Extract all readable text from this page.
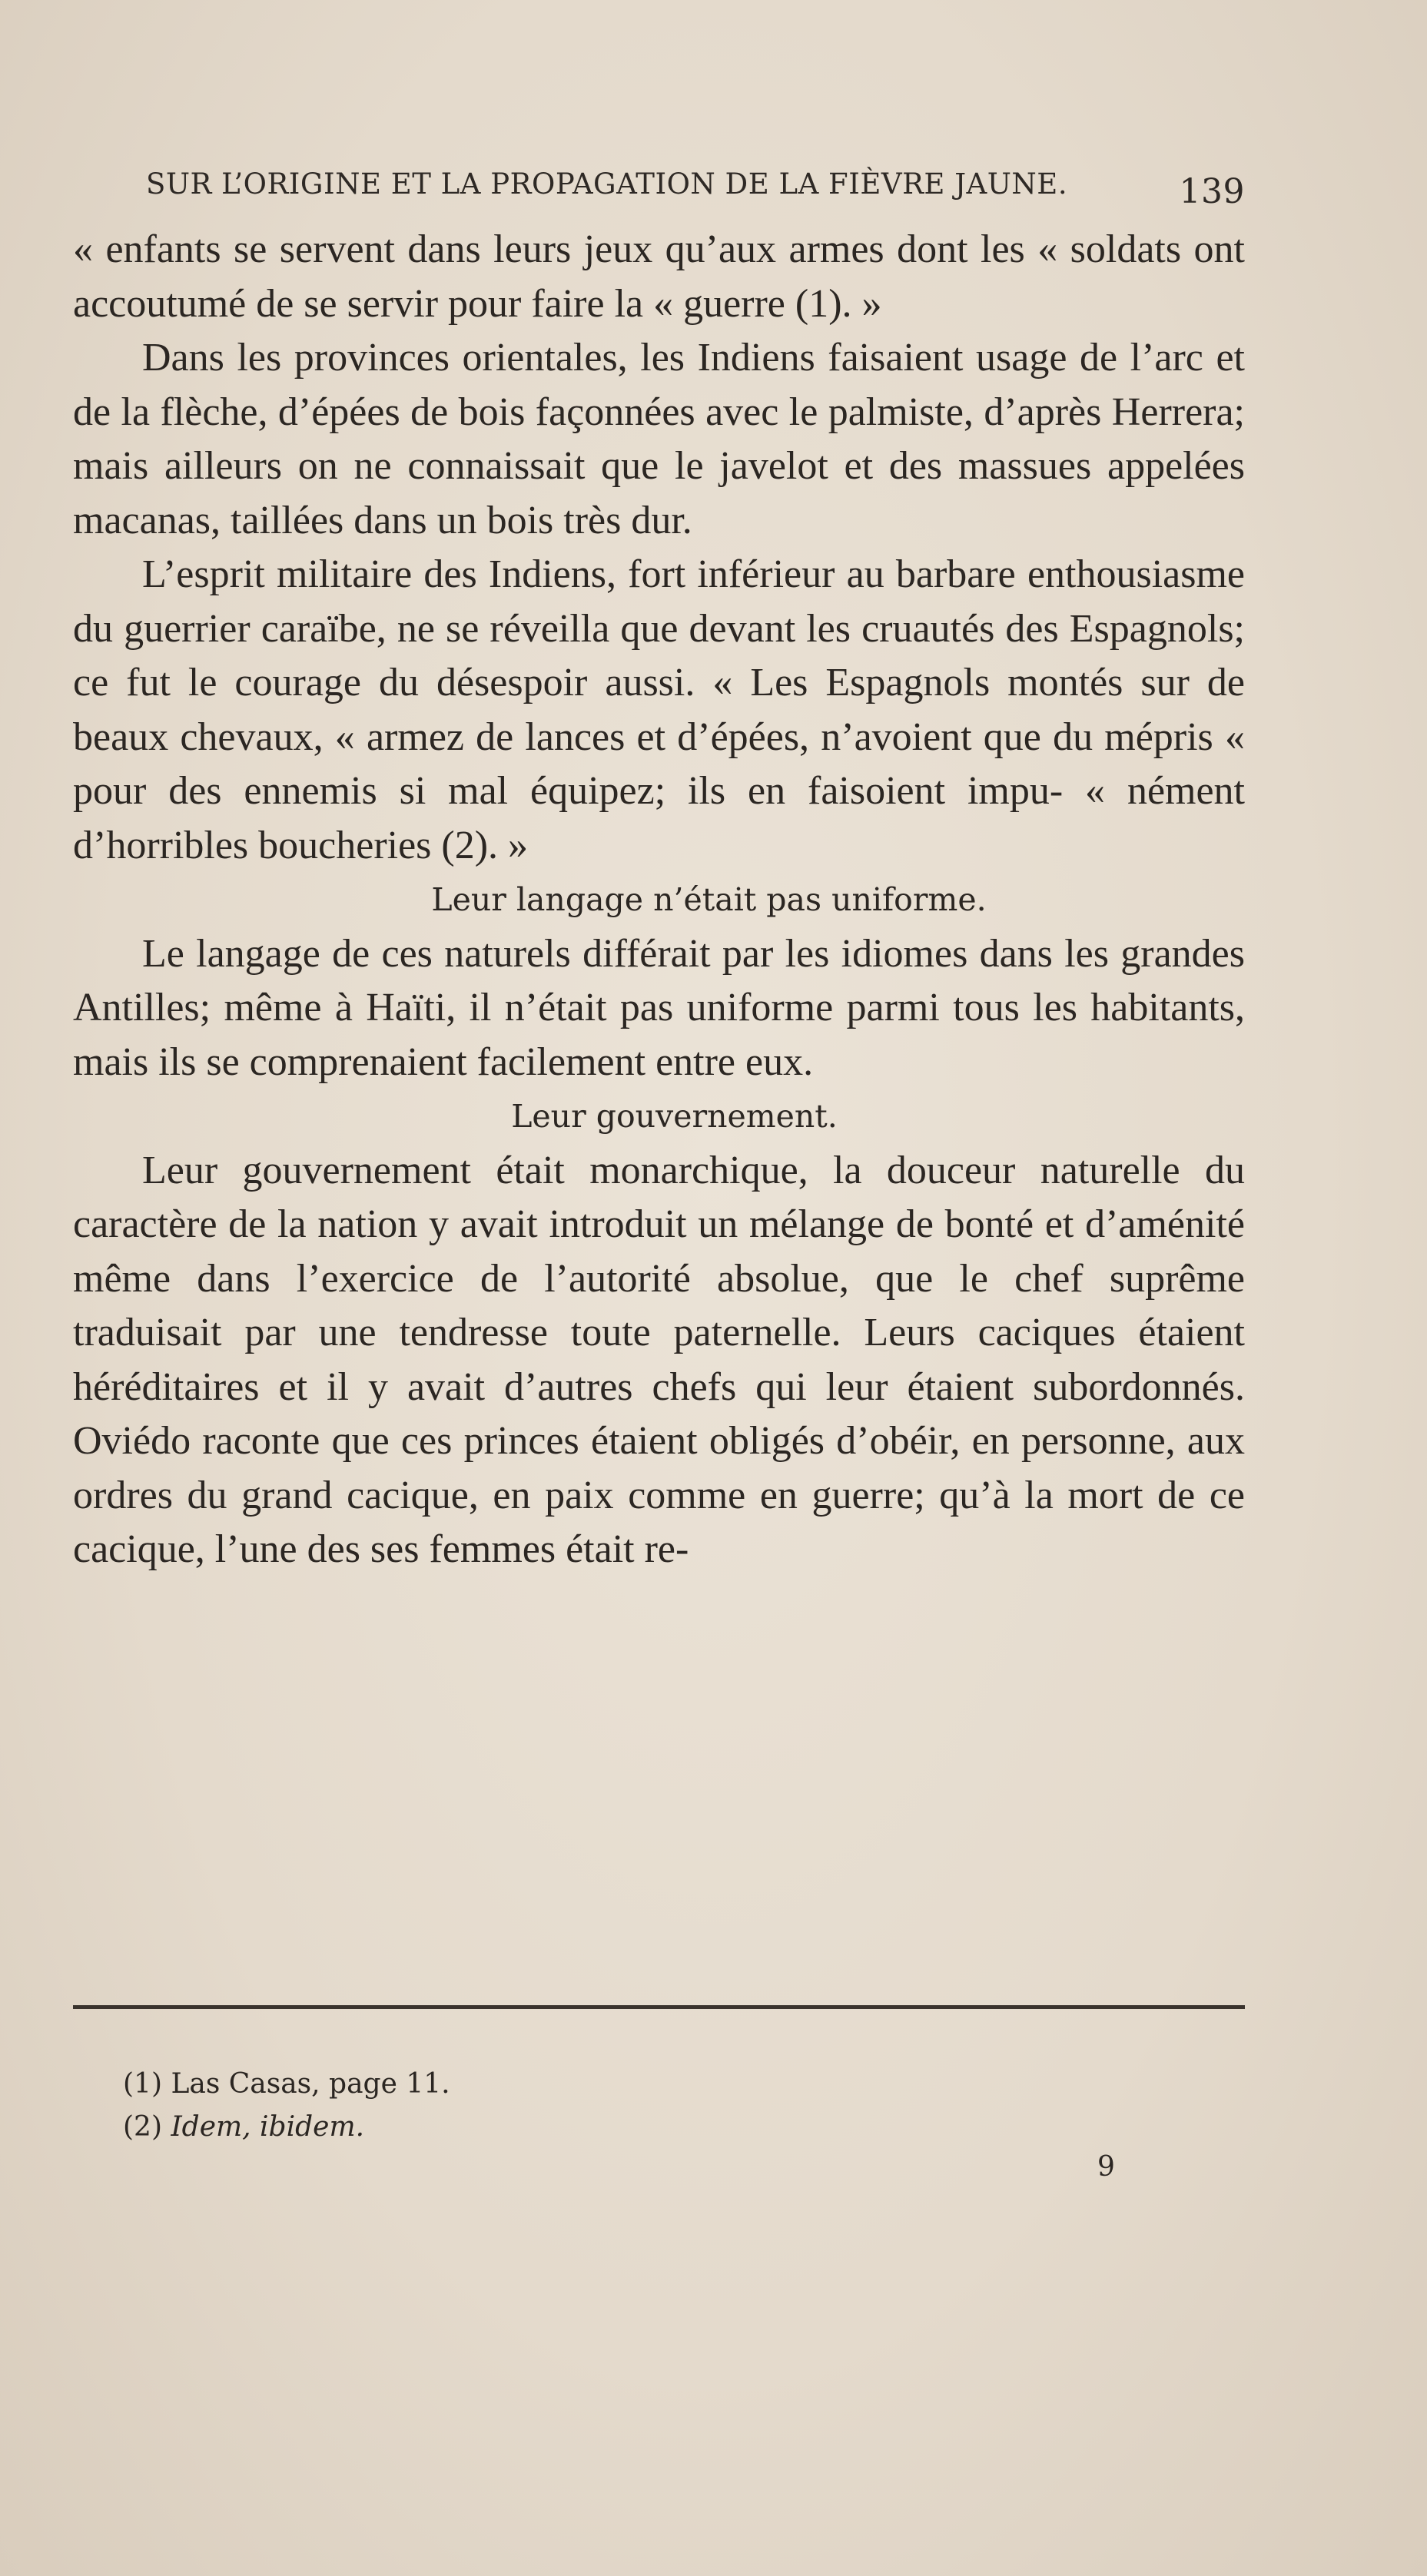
SUR L’ORIGINE ET LA PROPAGATION DE LA FIÈVRE JAUNE.	139

« enfants se servent dans leurs jeux qu’aux armes dont les « soldats ont accoutumé de se servir pour faire la « guerre (1). »

Dans les provinces orientales, les Indiens faisaient usage de l’arc et de la flèche, d’épées de bois façonnées avec le palmiste, d’après Herrera; mais ailleurs on ne connaissait que le javelot et des massues appelées macanas, taillées dans un bois très dur.

L’esprit militaire des Indiens, fort inférieur au barbare enthousiasme du guerrier caraïbe, ne se réveilla que devant les cruautés des Espagnols; ce fut le courage du désespoir aussi. « Les Espagnols montés sur de beaux chevaux, « armez de lances et d’épées, n’avoient que du mépris « pour des ennemis si mal équipez; ils en faisoient impu- « nément d’horribles boucheries (2). »

Leur langage n’était pas uniforme.

Le langage de ces naturels différait par les idiomes dans les grandes Antilles; même à Haïti, il n’était pas uniforme parmi tous les habitants, mais ils se comprenaient facilement entre eux.

Leur gouvernement.

Leur gouvernement était monarchique, la douceur naturelle du caractère de la nation y avait introduit un mélange de bonté et d’aménité même dans l’exercice de l’autorité absolue, que le chef suprême traduisait par une tendresse toute paternelle. Leurs caciques étaient héréditaires et il y avait d’autres chefs qui leur étaient subordonnés. Oviédo raconte que ces princes étaient obligés d’obéir, en personne, aux ordres du grand cacique, en paix comme en guerre; qu’à la mort de ce cacique, l’une des ses femmes était re-

(1) Las Casas, page 11.
(2) Idem, ibidem.
9
